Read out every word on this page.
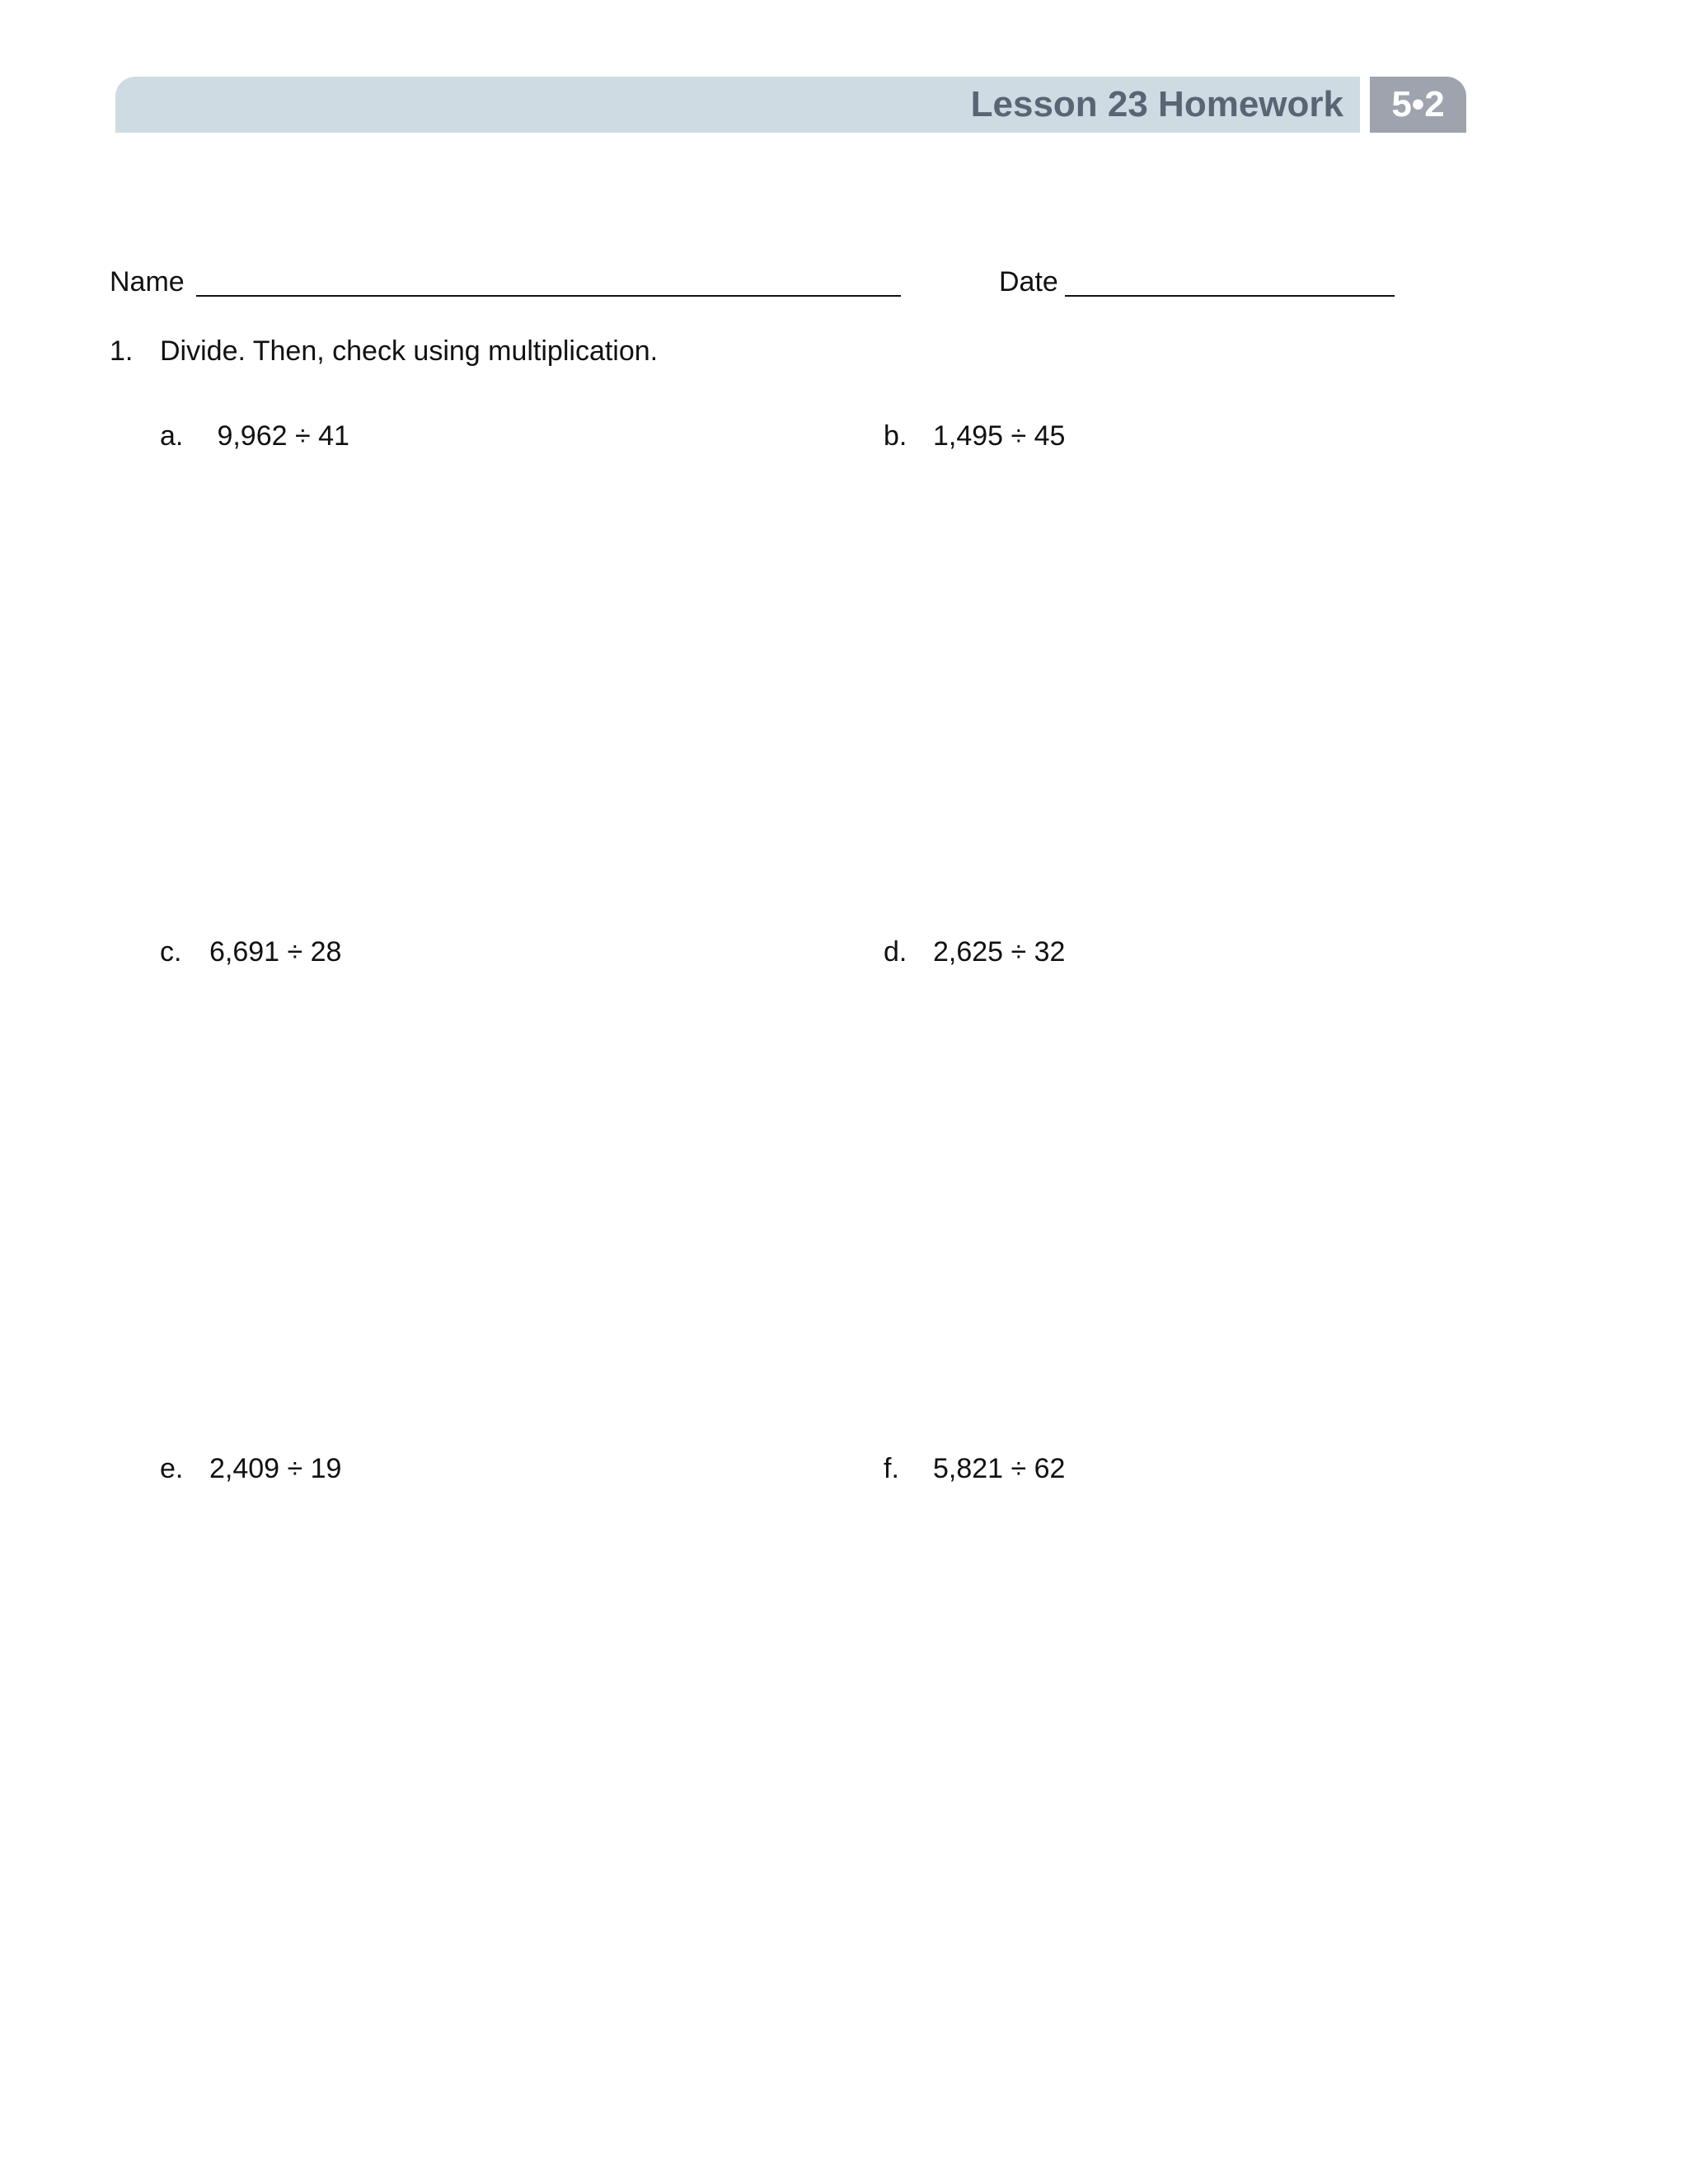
Lesson 23 Homework	5•2
Name	Date
1. Divide. Then, check using multiplication.
a. 9,962 ÷ 41	b. 1,495 ÷ 45
c. 6,691 ÷ 28	d. 2,625 ÷ 32
e. 2,409 ÷ 19	f. 5,821 ÷ 62
